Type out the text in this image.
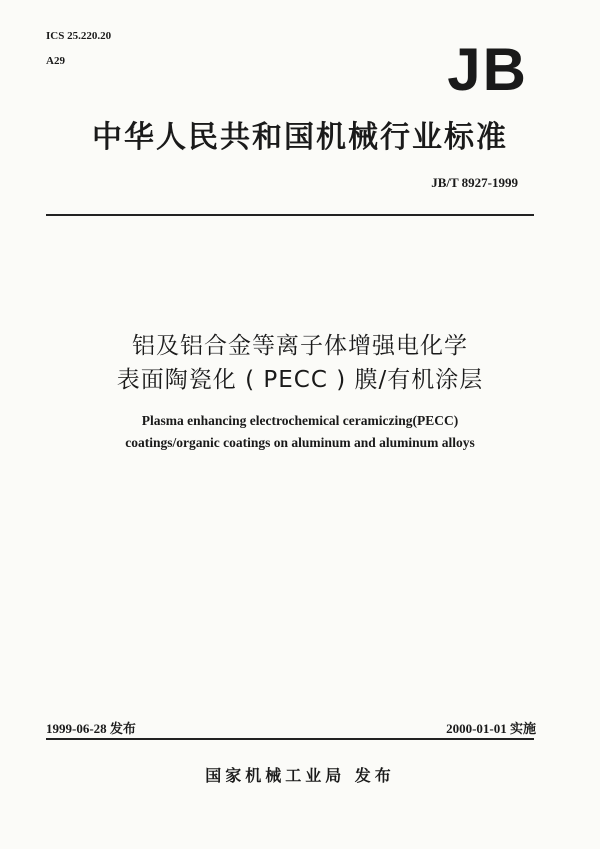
ICS 25.220.20
A29	JB
中华人民共和国机械行业标准
JB/T 8927-1999
铝及铝合金等离子体增强电化学
表面陶瓷化 ( PECC ) 膜/有机涂层
Plasma enhancing electrochemical ceramiczing(PECC)
coatings/organic coatings on aluminum and aluminum alloys
1999-06-28 发布	2000-01-01 实施
国家机械工业局 发布
